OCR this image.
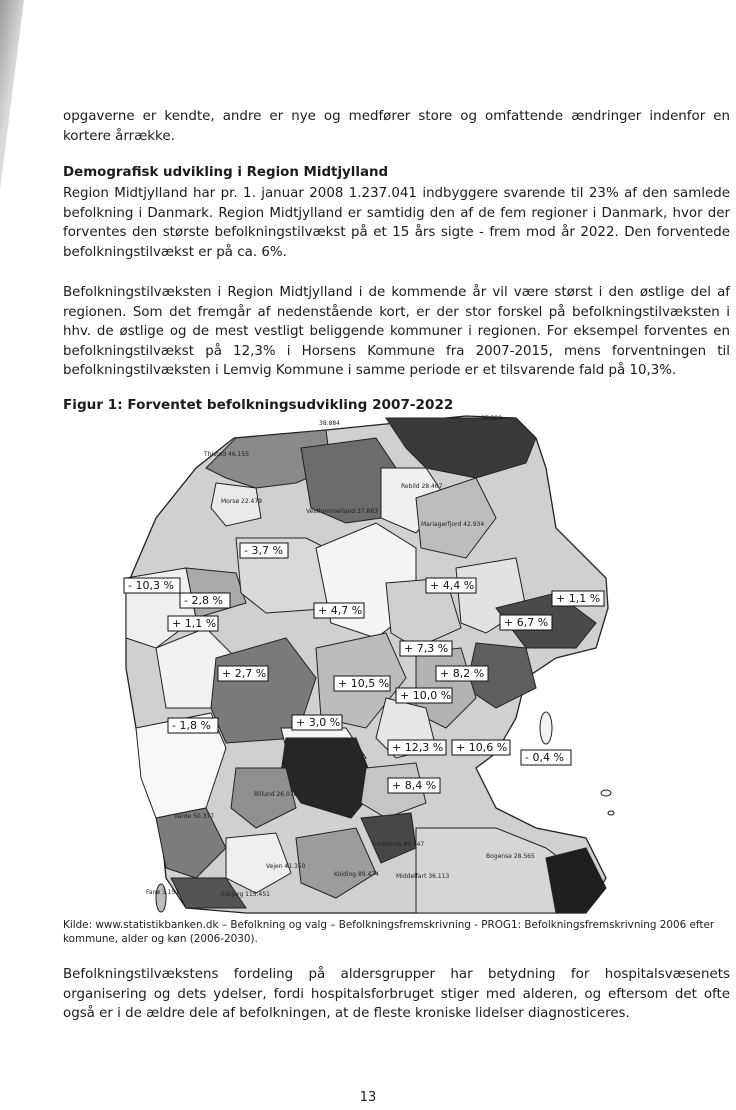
opgaverne er kendte, andre er nye og medfører store og omfattende ændringer indenfor en kortere årrække.
Demografisk udvikling i Region Midtjylland
Region Midtjylland har pr. 1. januar 2008 1.237.041 indbyggere svarende til 23% af den samlede befolkning i Danmark. Region Midtjylland er samtidig den af de fem regioner i Danmark, hvor der forventes den største befolkningstilvækst på et 15 års sigte - frem mod år 2022. Den forventede befolkningstilvækst er på ca. 6%.
Befolkningstilvæksten i Region Midtjylland i de kommende år vil være størst i den østlige del af regionen. Som det fremgår af nedenstående kort, er der stor forskel på befolkningstilvæksten i hhv. de østlige og de mest vestligt beliggende kommuner i regionen. For eksempel forventes en befolkningstilvækst på 12,3% i Horsens Kommune fra 2007-2015, mens forventningen til befolkningstilvæksten i Lemvig Kommune i samme periode er et tilsvarende fald på 10,3%.
Figur 1: Forventet befolkningsudvikling 2007-2022
38.884
Thisted 46.155
Morsø 22.479
Vesthimmerland 37.883
Rebild 28.467
Mariagerfjord 42.934
Billund 26.078
Varde 50.377
Vejen 41.350
Esbjerg 115.451
Fanø 3.151
Kolding 89.474
Fredericia 49.147
Middelfart 36.113
Bogense 28.565
35.320
- 3,7 %
- 10,3 %
- 2,8 %
+ 1,1 %
+ 4,7 %
+ 4,4 %
+ 1,1 %
+ 6,7 %
+ 7,3 %
+ 8,2 %
+ 2,7 %
+ 10,5 %
+ 10,0 %
- 1,8 %	+ 3,0 %
+ 12,3 % + 10,6 %
- 0,4 %
+ 8,4 %
Kilde: www.statistikbanken.dk – Befolkning og valg – Befolkningsfremskrivning - PROG1: Befolkningsfremskrivning 2006 efter kommune, alder og køn (2006-2030).
Befolkningstilvækstens fordeling på aldersgrupper har betydning for hospitalsvæsenets organisering og dets ydelser, fordi hospitalsforbruget stiger med alderen, og eftersom det ofte også er i de ældre dele af befolkningen, at de fleste kroniske lidelser diagnosticeres.
13
